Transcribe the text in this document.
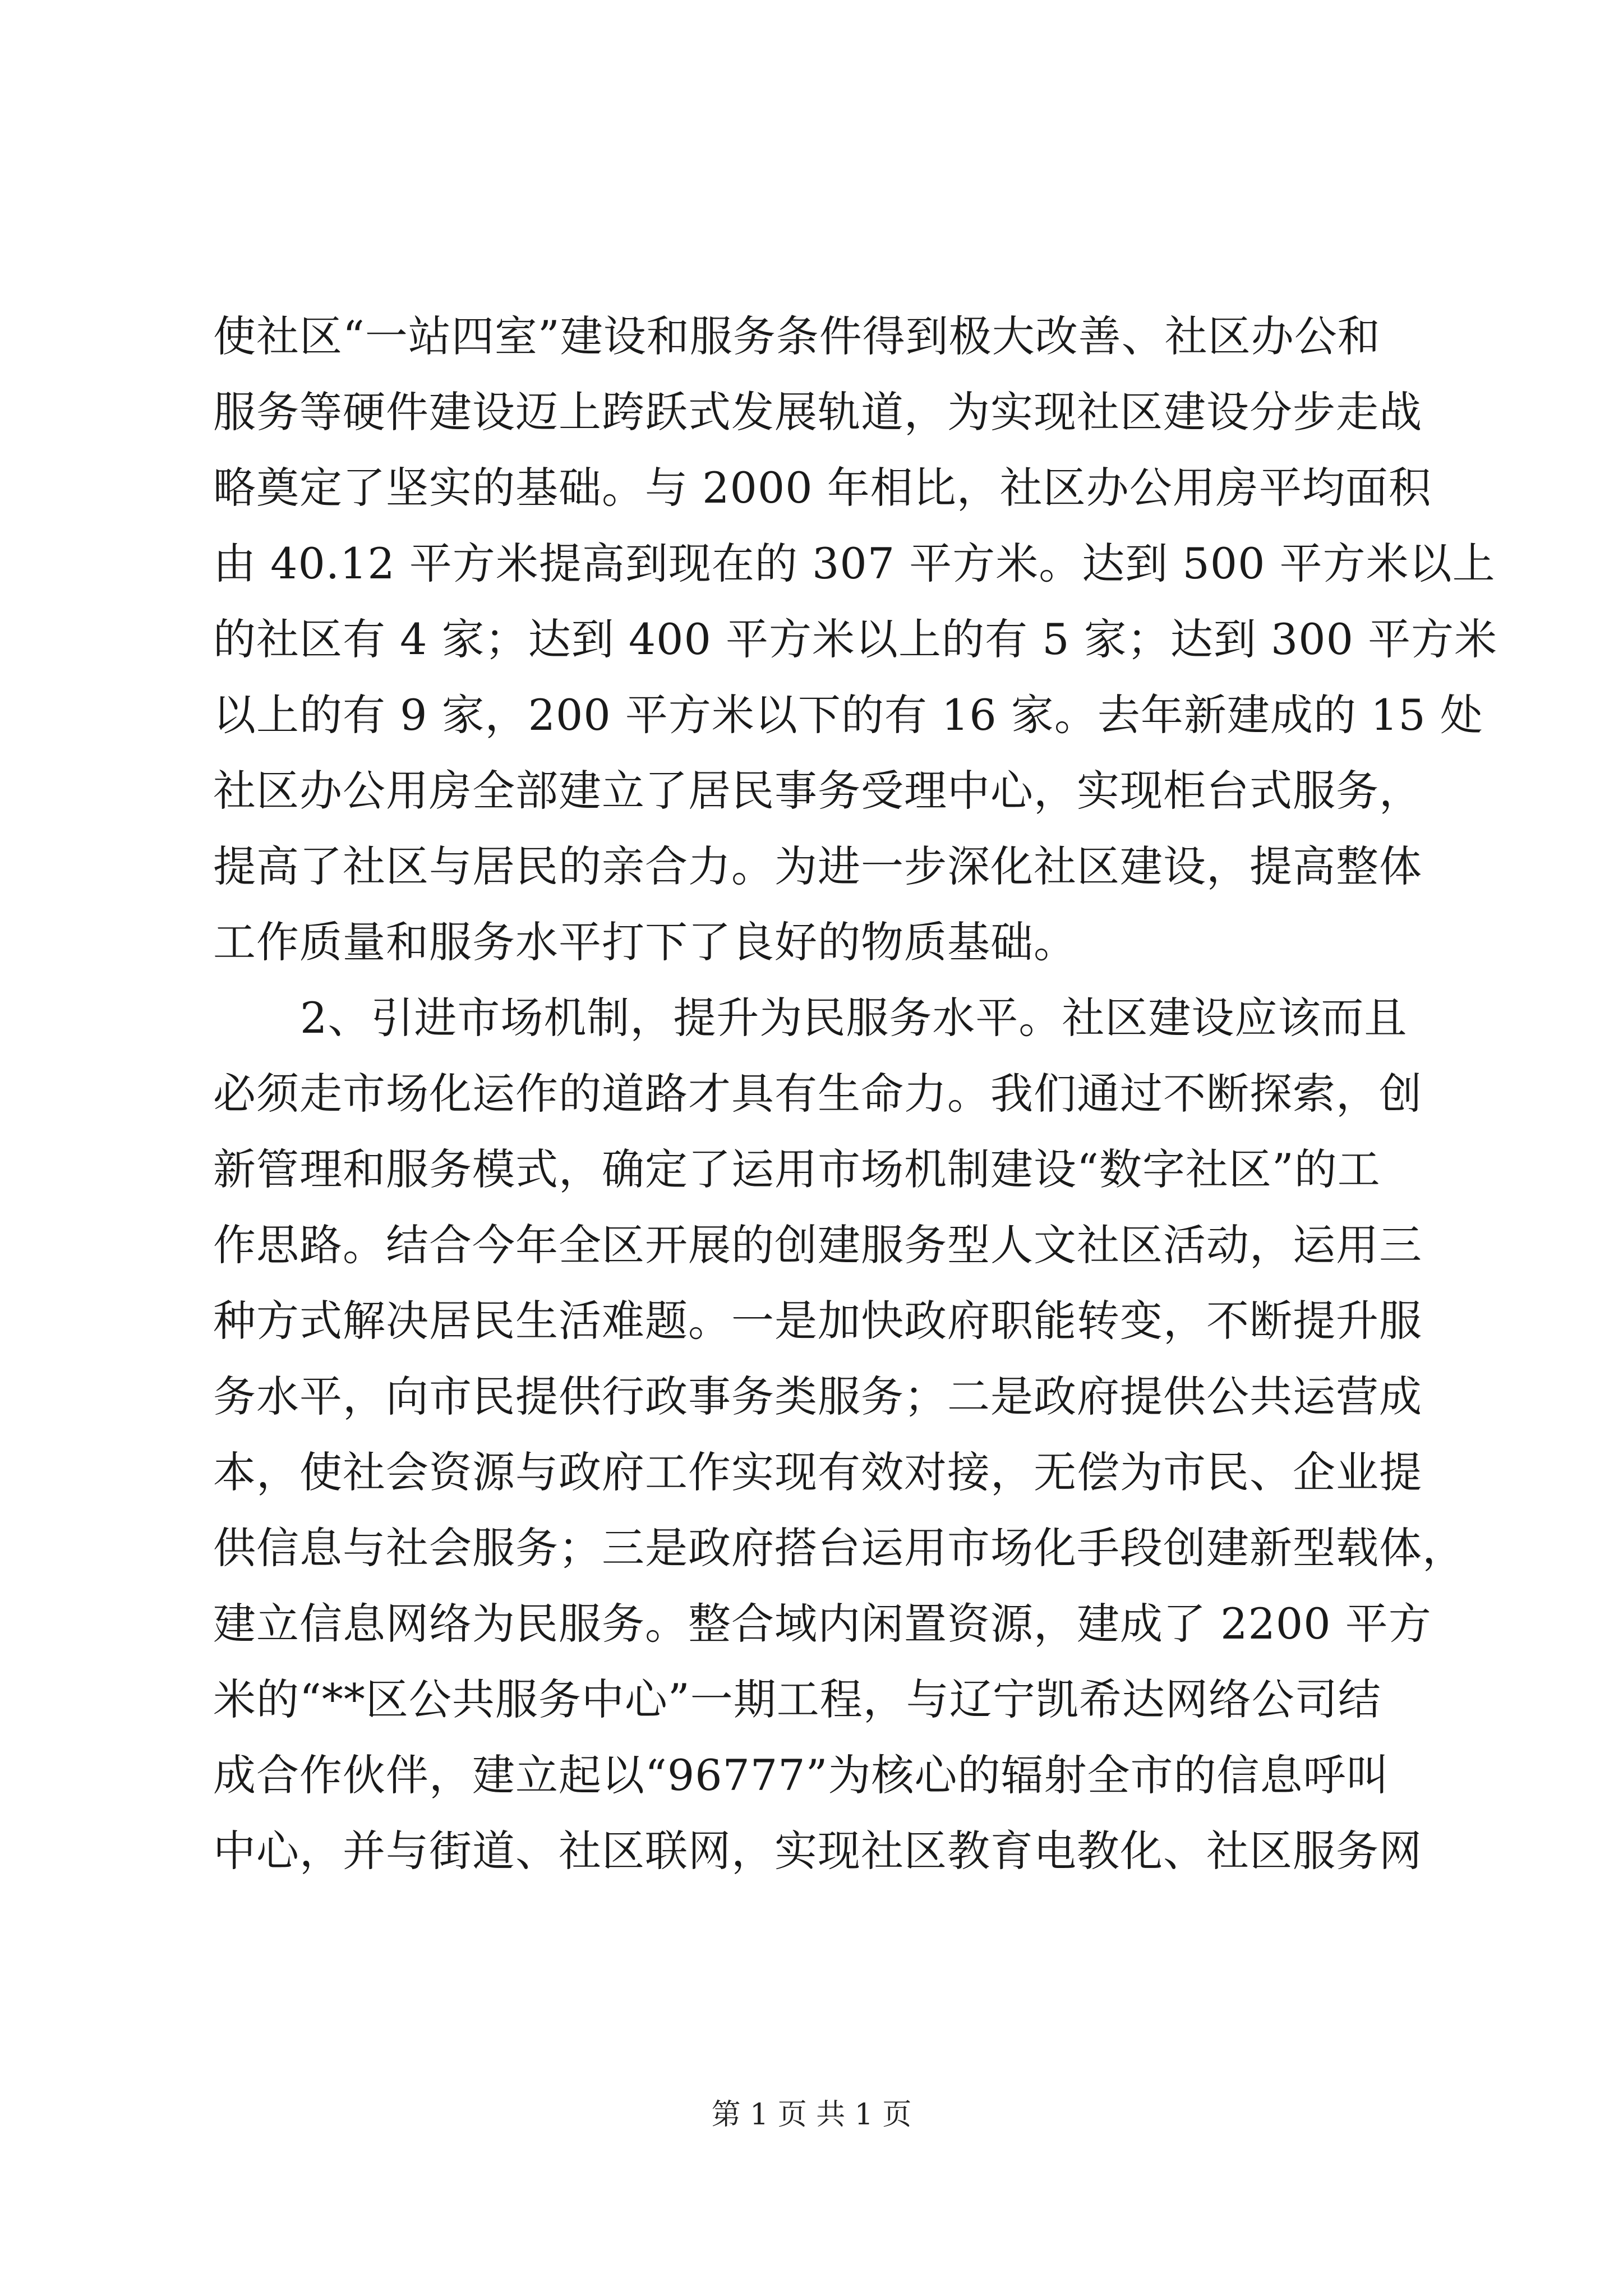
使社区“一站四室”建设和服务条件得到极大改善、社区办公和
服务等硬件建设迈上跨跃式发展轨道，为实现社区建设分步走战
略奠定了坚实的基础。与 2000 年相比，社区办公用房平均面积
由 40.12 平方米提高到现在的 307 平方米。达到 500 平方米以上
的社区有 4 家；达到 400 平方米以上的有 5 家；达到 300 平方米
以上的有 9 家，200 平方米以下的有 16 家。去年新建成的 15 处
社区办公用房全部建立了居民事务受理中心，实现柜台式服务，
提高了社区与居民的亲合力。为进一步深化社区建设，提高整体
工作质量和服务水平打下了良好的物质基础。
2、引进市场机制，提升为民服务水平。社区建设应该而且
必须走市场化运作的道路才具有生命力。我们通过不断探索，创
新管理和服务模式，确定了运用市场机制建设“数字社区”的工
作思路。结合今年全区开展的创建服务型人文社区活动，运用三
种方式解决居民生活难题。一是加快政府职能转变，不断提升服
务水平，向市民提供行政事务类服务；二是政府提供公共运营成
本，使社会资源与政府工作实现有效对接，无偿为市民、企业提
供信息与社会服务；三是政府搭台运用市场化手段创建新型载体，
建立信息网络为民服务。整合域内闲置资源，建成了 2200 平方
米的“**区公共服务中心”一期工程，与辽宁凯希达网络公司结
成合作伙伴，建立起以“96777”为核心的辐射全市的信息呼叫
中心，并与街道、社区联网，实现社区教育电教化、社区服务网
第 1 页 共 1 页
